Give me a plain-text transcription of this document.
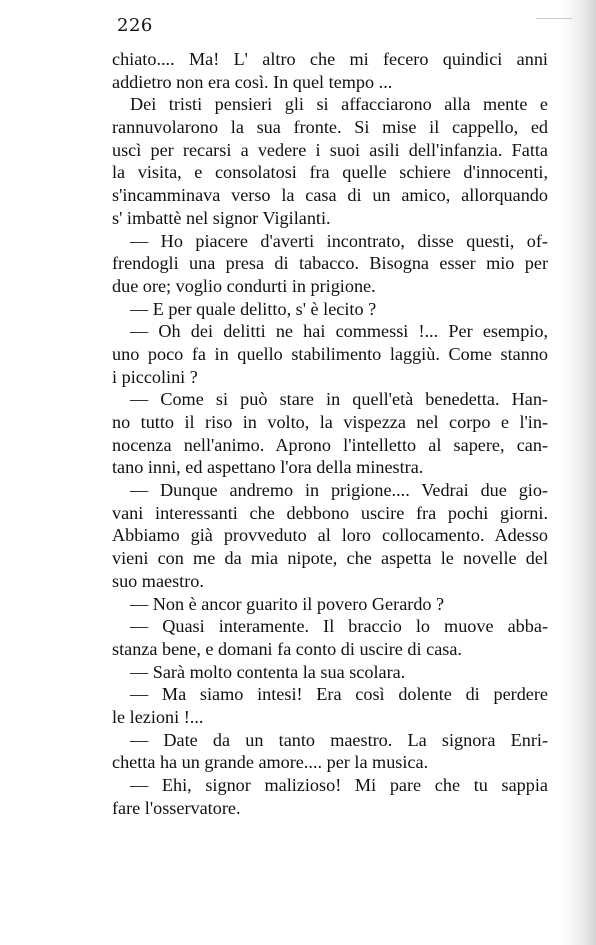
226
chiato.... Ma! L' altro che mi fecero quindici anni
addietro non era così. In quel tempo ...
Dei tristi pensieri gli si affacciarono alla mente e
rannuvolarono la sua fronte. Si mise il cappello, ed
uscì per recarsi a vedere i suoi asili dell'infanzia. Fatta
la visita, e consolatosi fra quelle schiere d'innocenti,
s'incamminava verso la casa di un amico, allorquando
s' imbattè nel signor Vigilanti.
— Ho piacere d'averti incontrato, disse questi, of-
frendogli una presa di tabacco. Bisogna esser mio per
due ore; voglio condurti in prigione.
— E per quale delitto, s' è lecito ?
— Oh dei delitti ne hai commessi !... Per esempio,
uno poco fa in quello stabilimento laggiù. Come stanno
i piccolini ?
— Come si può stare in quell'età benedetta. Han-
no tutto il riso in volto, la vispezza nel corpo e l'in-
nocenza nell'animo. Aprono l'intelletto al sapere, can-
tano inni, ed aspettano l'ora della minestra.
— Dunque andremo in prigione.... Vedrai due gio-
vani interessanti che debbono uscire fra pochi giorni.
Abbiamo già provveduto al loro collocamento. Adesso
vieni con me da mia nipote, che aspetta le novelle del
suo maestro.
— Non è ancor guarito il povero Gerardo ?
— Quasi interamente. Il braccio lo muove abba-
stanza bene, e domani fa conto di uscire di casa.
— Sarà molto contenta la sua scolara.
— Ma siamo intesi! Era così dolente di perdere
le lezioni !...
— Date da un tanto maestro. La signora Enri-
chetta ha un grande amore.... per la musica.
— Ehi, signor malizioso! Mi pare che tu sappia
fare l'osservatore.
